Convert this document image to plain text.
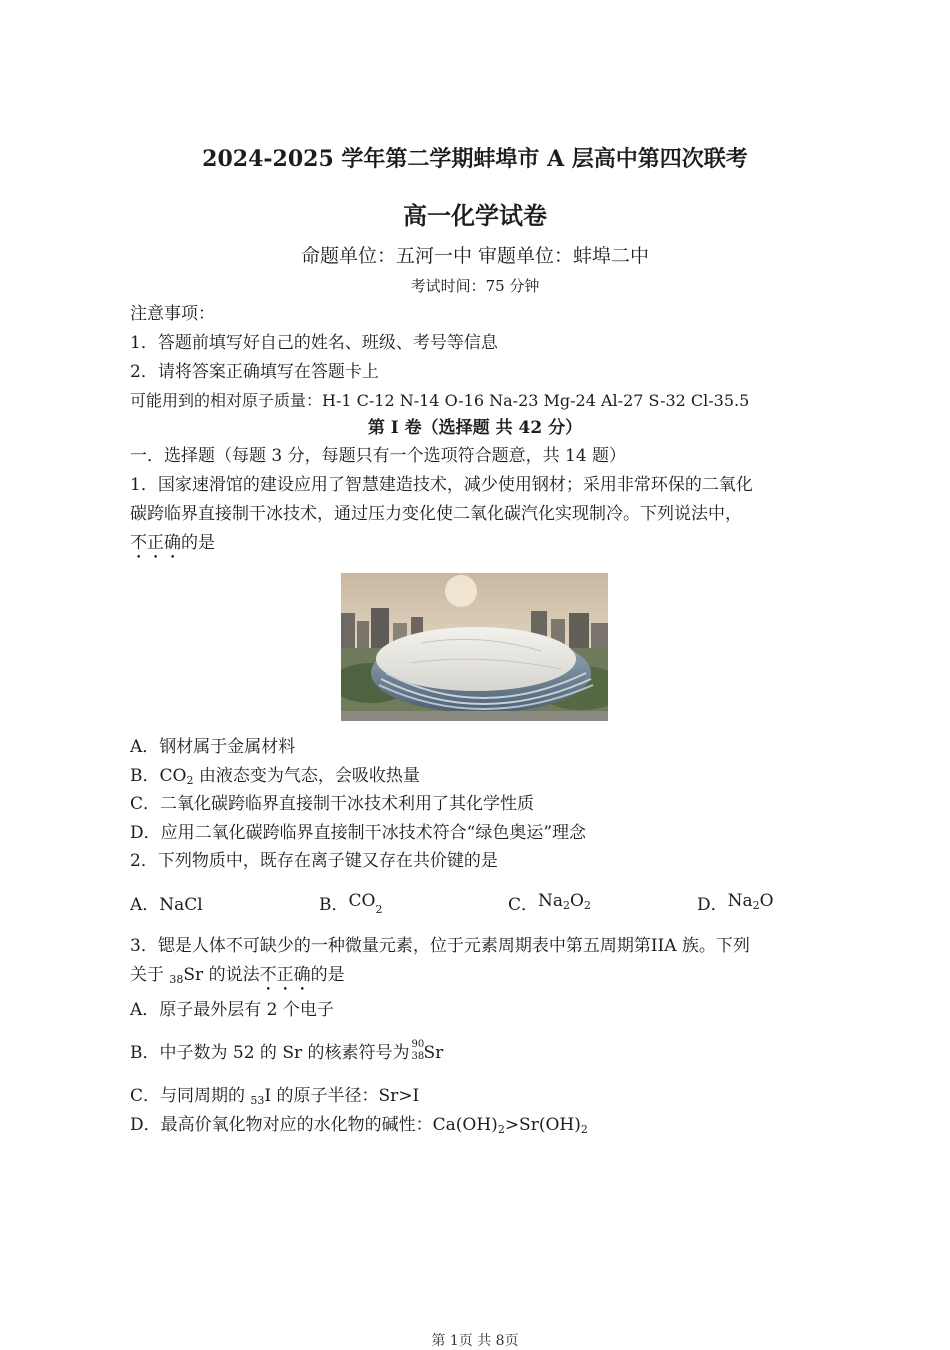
2024-2025 学年第二学期蚌埠市 A 层高中第四次联考
高一化学试卷
命题单位：五河一中 审题单位：蚌埠二中
考试时间：75 分钟
注意事项：
1．答题前填写好自己的姓名、班级、考号等信息
2．请将答案正确填写在答题卡上
可能用到的相对原子质量：H-1 C-12 N-14 O-16 Na-23 Mg-24 Al-27 S-32 Cl-35.5
第 I 卷（选择题 共 42 分）
一．选择题（每题 3 分，每题只有一个选项符合题意，共 14 题）
1．国家速滑馆的建设应用了智慧建造技术，减少使用钢材；采用非常环保的二氧化
碳跨临界直接制干冰技术，通过压力变化使二氧化碳汽化实现制冷。下列说法中，
不正确的是
A．钢材属于金属材料
B．$CO_2$ 由液态变为气态，会吸收热量
C．二氧化碳跨临界直接制干冰技术利用了其化学性质
D．应用二氧化碳跨临界直接制干冰技术符合“绿色奥运”理念
2．下列物质中，既存在离子键又存在共价键的是
A．NaCl	B．$CO_2$	C．$Na_2O_2$	D．$Na_2O$
3．锶是人体不可缺少的一种微量元素，位于元素周期表中第五周期第IIA 族。下列
关于 $_{38}$Sr 的说法不正确的是
A．原子最外层有 2 个电子
B．中子数为 52 的 Sr 的核素符号为 90
38 Sr
C．与同周期的 $_{53}$I 的原子半径：Sr>I
D．最高价氧化物对应的水化物的碱性：$Ca(OH)_2>Sr(OH)_2$
第 1页 共 8页
